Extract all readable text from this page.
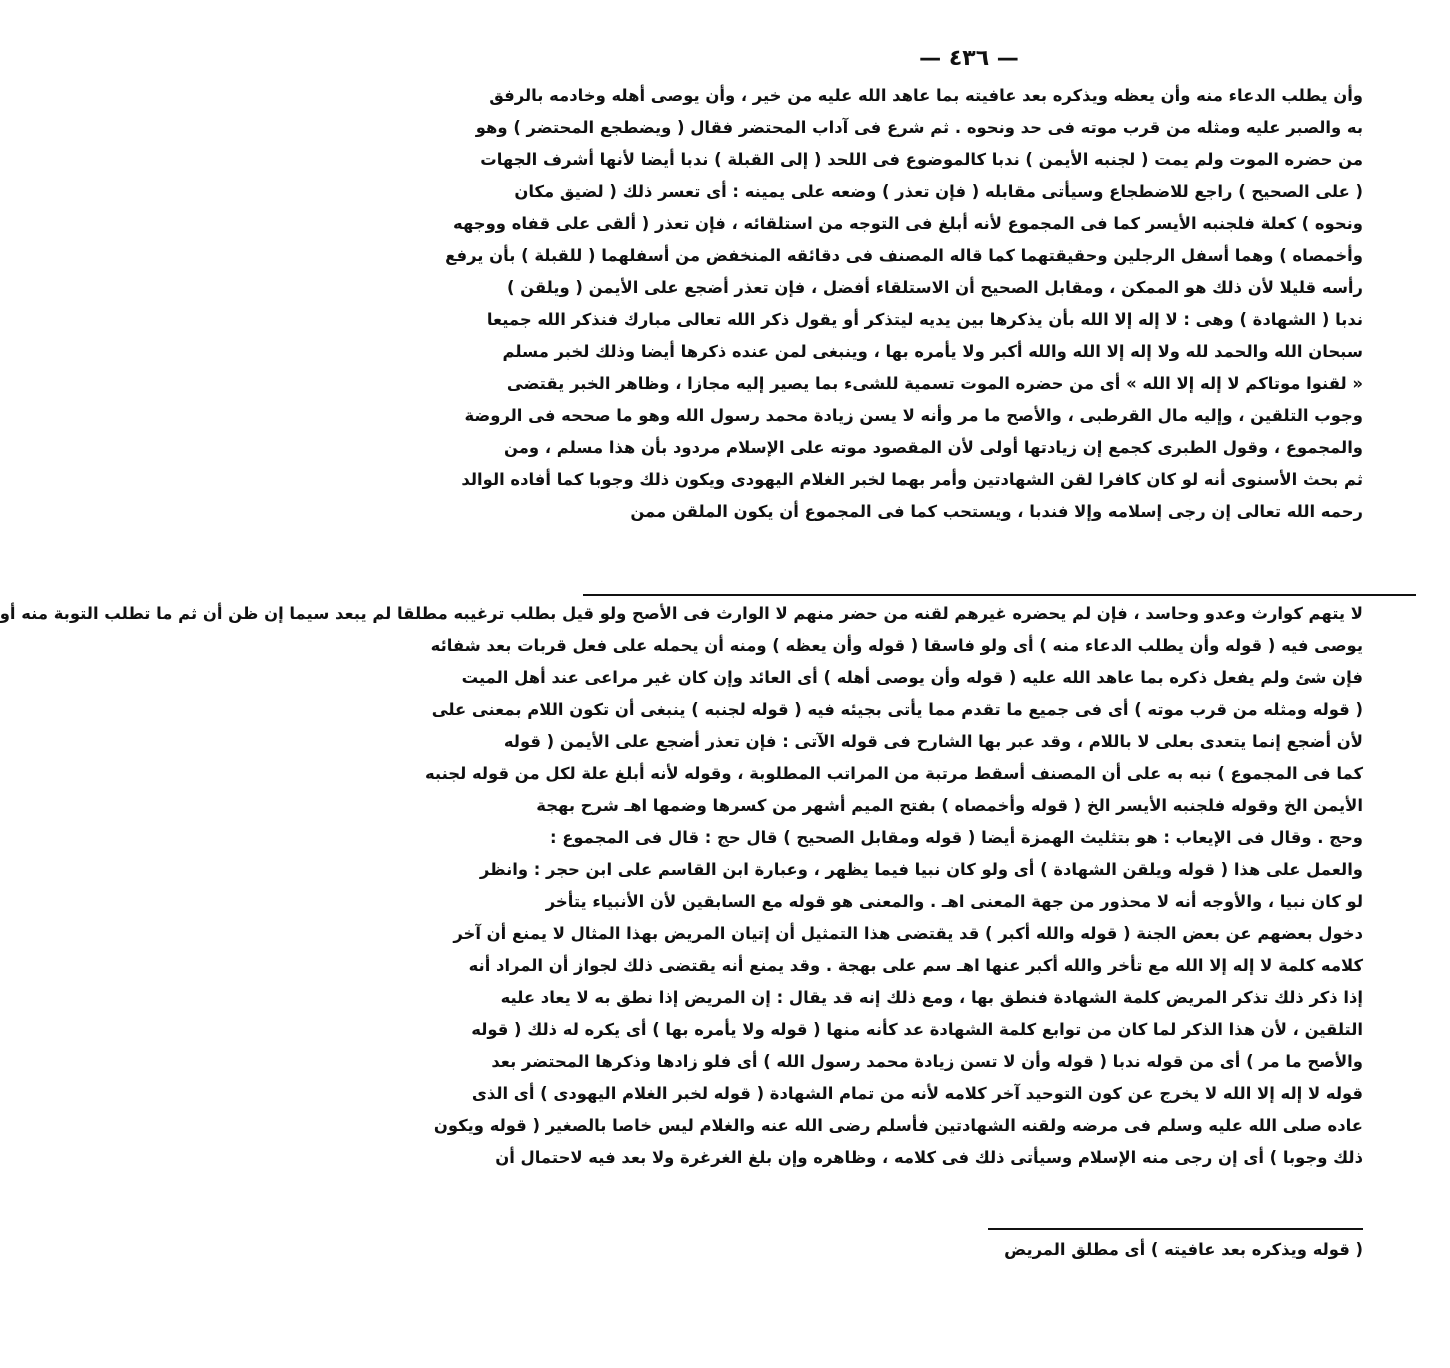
— ٤٣٦ —
وأن يطلب الدعاء منه وأن يعظه ويذكره بعد عافيته بما عاهد الله عليه من خير ، وأن يوصى أهله وخادمه بالرفق
به والصبر عليه ومثله من قرب موته فى حد ونحوه . ثم شرع فى آداب المحتضر فقال ( ويضطجع المحتضر ) وهو
من حضره الموت ولم يمت ( لجنبه الأيمن ) ندبا كالموضوع فى اللحد ( إلى القبلة ) ندبا أيضا لأنها أشرف الجهات
( على الصحيح ) راجع للاضطجاع وسيأتى مقابله ( فإن تعذر ) وضعه على يمينه : أى تعسر ذلك ( لضيق مكان
ونحوه ) كعلة فلجنبه الأيسر كما فى المجموع لأنه أبلغ فى التوجه من استلقائه ، فإن تعذر ( ألقى على قفاه ووجهه
وأخمصاه ) وهما أسفل الرجلين وحقيقتهما كما قاله المصنف فى دقائقه المنخفض من أسفلهما ( للقبلة ) بأن يرفع
رأسه قليلا لأن ذلك هو الممكن ، ومقابل الصحيح أن الاستلقاء أفضل ، فإن تعذر أضجع على الأيمن ( ويلقن )
ندبا ( الشهادة ) وهى : لا إله إلا الله بأن يذكرها بين يديه ليتذكر أو يقول ذكر الله تعالى مبارك فنذكر الله جميعا
سبحان الله والحمد لله ولا إله إلا الله والله أكبر ولا يأمره بها ، وينبغى لمن عنده ذكرها أيضا وذلك لخبر مسلم
« لقنوا موتاكم لا إله إلا الله » أى من حضره الموت تسمية للشىء بما يصير إليه مجازا ، وظاهر الخبر يقتضى
وجوب التلقين ، وإليه مال القرطبى ، والأصح ما مر وأنه لا يسن زيادة محمد رسول الله وهو ما صححه فى الروضة
والمجموع ، وقول الطبرى كجمع إن زيادتها أولى لأن المقصود موته على الإسلام مردود بأن هذا مسلم ، ومن
ثم بحث الأسنوى أنه لو كان كافرا لقن الشهادتين وأمر بهما لخبر الغلام اليهودى ويكون ذلك وجوبا كما أفاده الوالد
رحمه الله تعالى إن رجى إسلامه وإلا فندبا ، ويستحب كما فى المجموع أن يكون الملقن ممن
لا يتهم كوارث وعدو وحاسد ، فإن لم يحضره غيرهم لقنه من حضر منهم لا الوارث فى الأصح ولو قيل بطلب ترغيبه مطلقا لم يبعد سيما إن ظن أن ثم ما تطلب التوبة منه أو
يوصى فيه ( قوله وأن يطلب الدعاء منه ) أى ولو فاسقا ( قوله وأن يعظه ) ومنه أن يحمله على فعل قربات بعد شفائه
فإن شئ ولم يفعل ذكره بما عاهد الله عليه ( قوله وأن يوصى أهله ) أى العائد وإن كان غير مراعى عند أهل الميت
( قوله ومثله من قرب موته ) أى فى جميع ما تقدم مما يأتى بجيئه فيه ( قوله لجنبه ) ينبغى أن تكون اللام بمعنى على
لأن أضجع إنما يتعدى بعلى لا باللام ، وقد عبر بها الشارح فى قوله الآتى : فإن تعذر أضجع على الأيمن ( قوله
كما فى المجموع ) نبه به على أن المصنف أسقط مرتبة من المراتب المطلوبة ، وقوله لأنه أبلغ علة لكل من قوله لجنبه
الأيمن الخ وقوله فلجنبه الأيسر الخ ( قوله وأخمصاه ) بفتح الميم أشهر من كسرها وضمها اهـ شرح بهجة
وحج . وقال فى الإيعاب : هو بتثليث الهمزة أيضا ( قوله ومقابل الصحيح ) قال حج : قال فى المجموع :
والعمل على هذا ( قوله ويلقن الشهادة ) أى ولو كان نبيا فيما يظهر ، وعبارة ابن القاسم على ابن حجر : وانظر
لو كان نبيا ، والأوجه أنه لا محذور من جهة المعنى اهـ . والمعنى هو قوله مع السابقين لأن الأنبياء يتأخر
دخول بعضهم عن بعض الجنة ( قوله والله أكبر ) قد يقتضى هذا التمثيل أن إتيان المريض بهذا المثال لا يمنع أن آخر
كلامه كلمة لا إله إلا الله مع تأخر والله أكبر عنها اهـ سم على بهجة . وقد يمنع أنه يقتضى ذلك لجواز أن المراد أنه
إذا ذكر ذلك تذكر المريض كلمة الشهادة فنطق بها ، ومع ذلك إنه قد يقال : إن المريض إذا نطق به لا يعاد عليه
التلقين ، لأن هذا الذكر لما كان من توابع كلمة الشهادة عد كأنه منها ( قوله ولا يأمره بها ) أى يكره له ذلك ( قوله
والأصح ما مر ) أى من قوله ندبا ( قوله وأن لا تسن زيادة محمد رسول الله ) أى فلو زادها وذكرها المحتضر بعد
قوله لا إله إلا الله لا يخرج عن كون التوحيد آخر كلامه لأنه من تمام الشهادة ( قوله لخبر الغلام اليهودى ) أى الذى
عاده صلى الله عليه وسلم فى مرضه ولقنه الشهادتين فأسلم رضى الله عنه والغلام ليس خاصا بالصغير ( قوله ويكون
ذلك وجوبا ) أى إن رجى منه الإسلام وسيأتى ذلك فى كلامه ، وظاهره وإن بلغ الغرغرة ولا بعد فيه لاحتمال أن
( قوله ويذكره بعد عافيته ) أى مطلق المريض
